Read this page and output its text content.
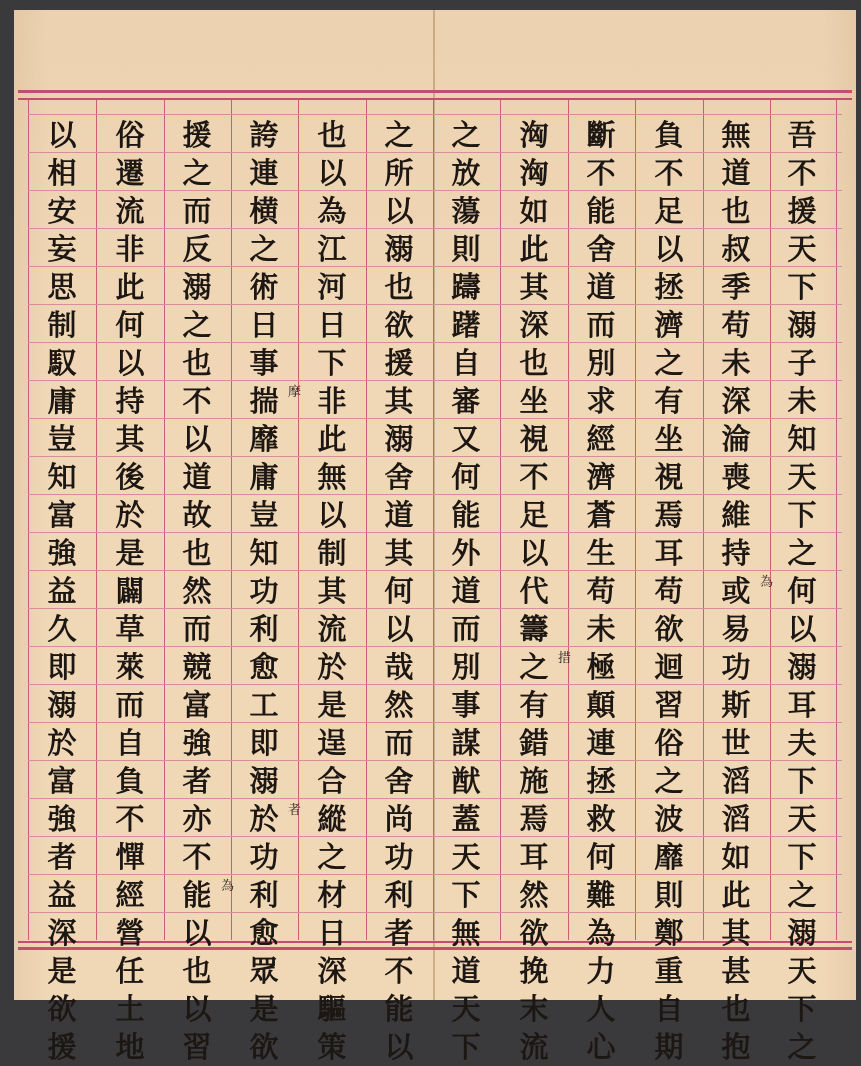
吾
不
援
天
下
溺
子
未
知
天
下
之
何
以
溺
耳
夫
下
天
下
之
溺
天
下
之
無
道
也
叔
季
苟
未
深
淪
喪
維
持
或
易
功
斯
世
滔
滔
如
此
其
甚
也
抱
負
不
足
以
拯
濟
之
有
坐
視
焉
耳
苟
欲
迴
習
俗
之
波
靡
則
鄭
重
自
期
斷
不
能
舍
道
而
別
求
經
濟
蒼
生
苟
未
極
顛
連
拯
救
何
難
為
力
人
心
洶
洶
如
此
其
深
也
坐
視
不
足
以
代
籌
之
有
錯
施
焉
耳
然
欲
挽
末
流
之
放
蕩
則
躊
躇
自
審
又
何
能
外
道
而
別
事
謀
猷
蓋
天
下
無
道
天
下
之
所
以
溺
也
欲
援
其
溺
舍
道
其
何
以
哉
然
而
舍
尚
功
利
者
不
能
以
也
以
為
江
河
日
下
非
此
無
以
制
其
流
於
是
逞
合
縱
之
材
日
深
驅
策
誇
連
横
之
術
日
事
揣
靡
庸
豈
知
功
利
愈
工
即
溺
於
功
利
愈
眾
是
欲
援
之
而
反
溺
之
也
不
以
道
故
也
然
而
競
富
強
者
亦
不
能
以
也
以
習
俗
遷
流
非
此
何
以
持
其
後
於
是
闢
草
萊
而
自
負
不
憚
經
營
任
土
地
以
相
安
妄
思
制
馭
庸
豈
知
富
強
益
久
即
溺
於
富
強
者
益
深
是
欲
援
為
措
摩
者
為
